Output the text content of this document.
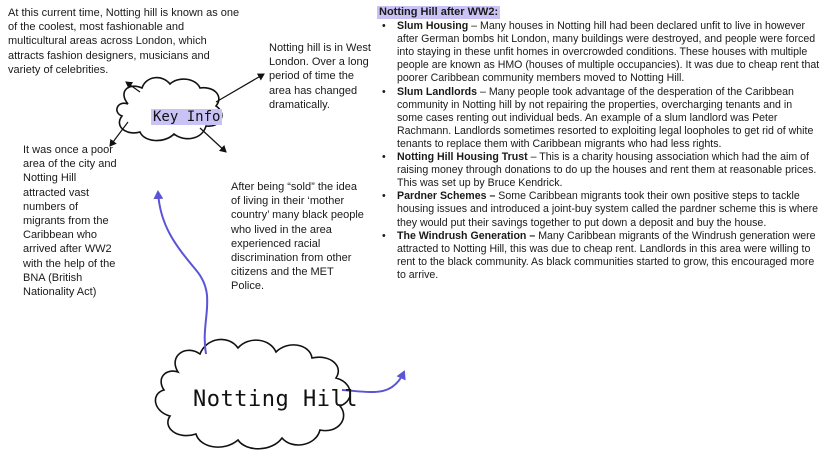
At this current time, Notting hill is known as one of the coolest, most fashionable and multicultural areas across London, which attracts fashion designers, musicians and variety of celebrities.
Notting hill is in West London. Over a long period of time the area has changed dramatically.
It was once a poor area of the city and Notting Hill attracted vast numbers of migrants from the Caribbean who arrived after WW2 with the help of the BNA (British Nationality Act)
After being “sold” the idea of living in their ‘mother country’ many black people who lived in the area experienced racial discrimination from other citizens and the MET Police.
Key Info
Notting Hill
Notting Hill after WW2:
• Slum Housing – Many houses in Notting hill had been declared unfit to live in however after German bombs hit London, many buildings were destroyed, and people were forced into staying in these unfit homes in overcrowded conditions. These houses with multiple people are known as HMO (houses of multiple occupancies). It was due to cheap rent that poorer Caribbean community members moved to Notting Hill.
• Slum Landlords – Many people took advantage of the desperation of the Caribbean community in Notting hill by not repairing the properties, overcharging tenants and in some cases renting out individual beds. An example of a slum landlord was Peter Rachmann. Landlords sometimes resorted to exploiting legal loopholes to get rid of white tenants to replace them with Caribbean migrants who had less rights.
• Notting Hill Housing Trust – This is a charity housing association which had the aim of raising money through donations to do up the houses and rent them at reasonable prices. This was set up by Bruce Kendrick.
• Pardner Schemes – Some Caribbean migrants took their own positive steps to tackle housing issues and introduced a joint-buy system called the pardner scheme this is where they would put their savings together to put down a deposit and buy the house.
• The Windrush Generation – Many Caribbean migrants of the Windrush generation were attracted to Notting Hill, this was due to cheap rent. Landlords in this area were willing to rent to the black community. As black communities started to grow, this encouraged more to arrive.
